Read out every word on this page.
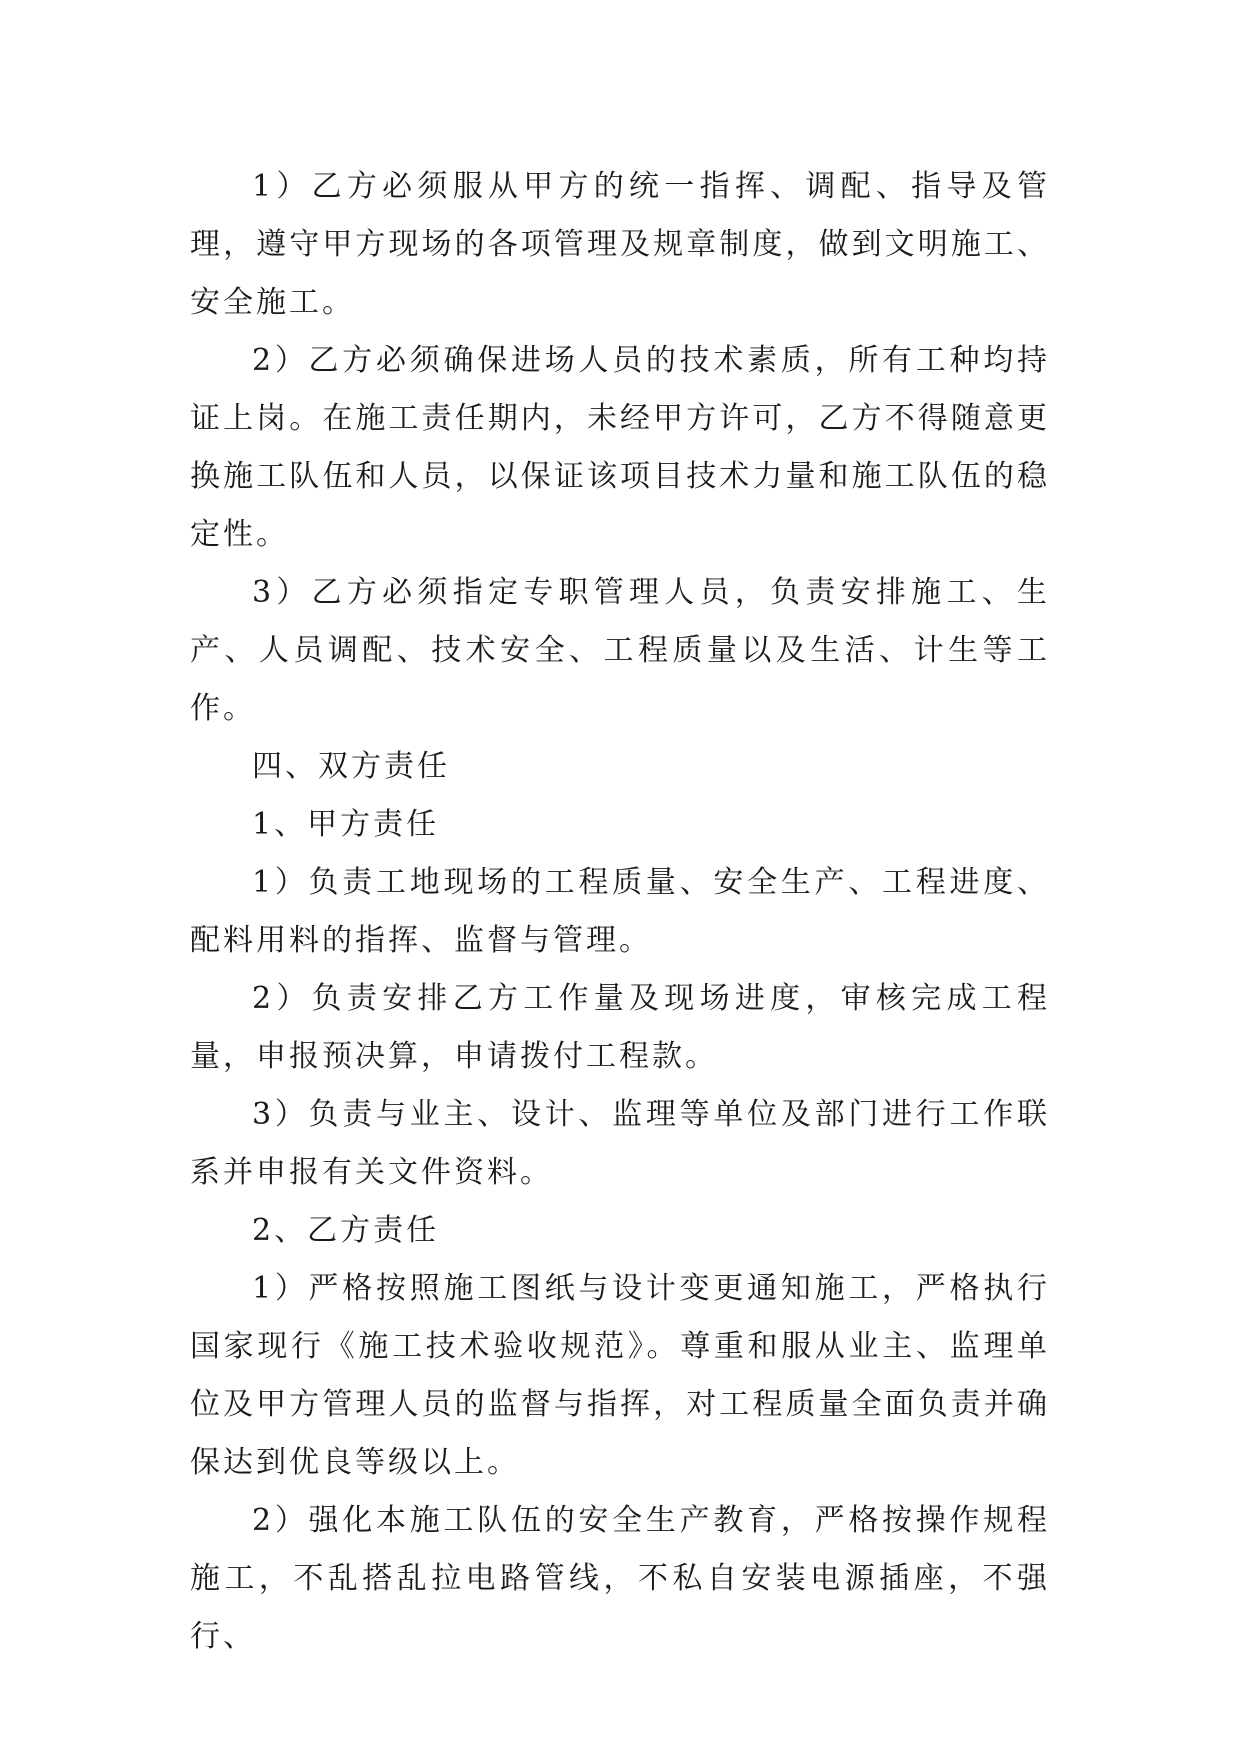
1）乙方必须服从甲方的统一指挥、调配、指导及管理，遵守甲方现场的各项管理及规章制度，做到文明施工、安全施工。

2）乙方必须确保进场人员的技术素质，所有工种均持证上岗。在施工责任期内，未经甲方许可，乙方不得随意更换施工队伍和人员，以保证该项目技术力量和施工队伍的稳定性。

3）乙方必须指定专职管理人员，负责安排施工、生产、人员调配、技术安全、工程质量以及生活、计生等工作。

四、双方责任

1、甲方责任

1）负责工地现场的工程质量、安全生产、工程进度、配料用料的指挥、监督与管理。

2）负责安排乙方工作量及现场进度，审核完成工程量，申报预决算，申请拨付工程款。

3）负责与业主、设计、监理等单位及部门进行工作联系并申报有关文件资料。

2、乙方责任

1）严格按照施工图纸与设计变更通知施工，严格执行国家现行《施工技术验收规范》。尊重和服从业主、监理单位及甲方管理人员的监督与指挥，对工程质量全面负责并确保达到优良等级以上。

2）强化本施工队伍的安全生产教育，严格按操作规程施工，不乱搭乱拉电路管线，不私自安装电源插座，不强行、
